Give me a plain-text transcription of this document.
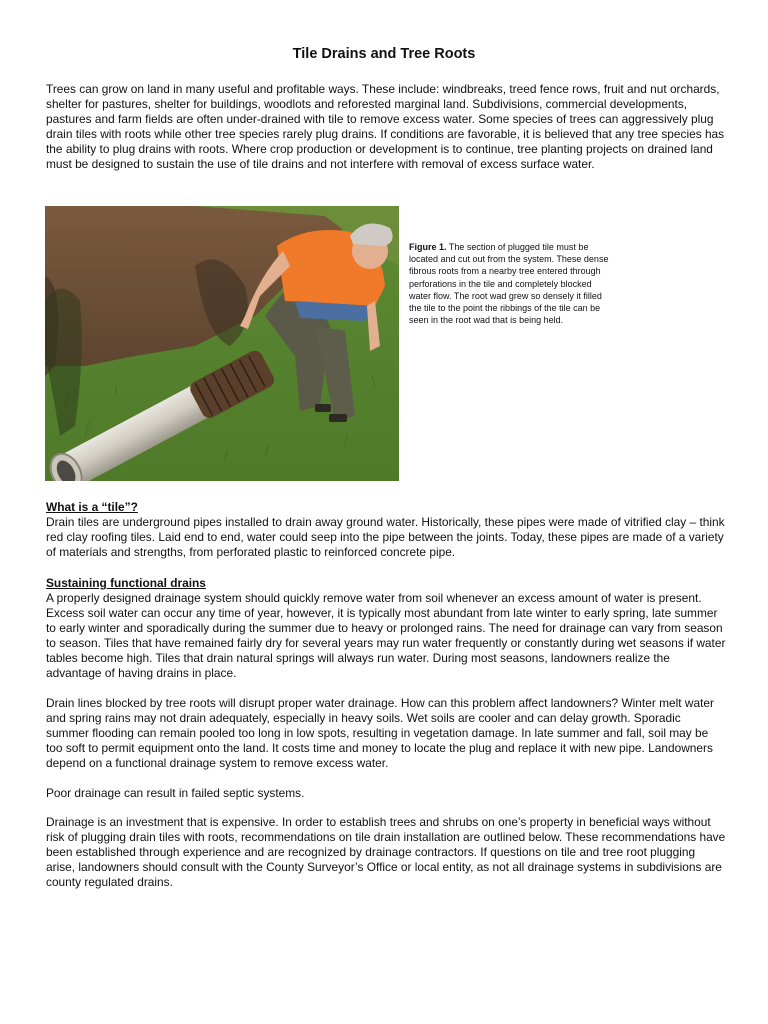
Tile Drains and Tree Roots

Trees can grow on land in many useful and profitable ways. These include: windbreaks, treed fence rows, fruit and nut orchards, shelter for pastures, shelter for buildings, woodlots and reforested marginal land. Subdivisions, commercial developments, pastures and farm fields are often under-drained with tile to remove excess water. Some species of trees can aggressively plug drain tiles with roots while other tree species rarely plug drains. If conditions are favorable, it is believed that any tree species has the ability to plug drains with roots. Where crop production or development is to continue, tree planting projects on drained land must be designed to sustain the use of tile drains and not interfere with removal of excess surface water.

Figure 1. The section of plugged tile must be located and cut out from the system. These dense fibrous roots from a nearby tree entered through perforations in the tile and completely blocked water flow. The root wad grew so densely it filled the tile to the point the ribbings of the tile can be seen in the root wad that is being held.

What is a “tile”?

Drain tiles are underground pipes installed to drain away ground water. Historically, these pipes were made of vitrified clay – think red clay roofing tiles. Laid end to end, water could seep into the pipe between the joints. Today, these pipes are made of a variety of materials and strengths, from perforated plastic to reinforced concrete pipe.

Sustaining functional drains

A properly designed drainage system should quickly remove water from soil whenever an excess amount of water is present. Excess soil water can occur any time of year, however, it is typically most abundant from late winter to early spring, late summer to early winter and sporadically during the summer due to heavy or prolonged rains. The need for drainage can vary from season to season. Tiles that have remained fairly dry for several years may run water frequently or constantly during wet seasons if water tables become high. Tiles that drain natural springs will always run water. During most seasons, landowners realize the advantage of having drains in place.

Drain lines blocked by tree roots will disrupt proper water drainage. How can this problem affect landowners? Winter melt water and spring rains may not drain adequately, especially in heavy soils. Wet soils are cooler and can delay growth. Sporadic summer flooding can remain pooled too long in low spots, resulting in vegetation damage. In late summer and fall, soil may be too soft to permit equipment onto the land. It costs time and money to locate the plug and replace it with new pipe. Landowners depend on a functional drainage system to remove excess water.

Poor drainage can result in failed septic systems.

Drainage is an investment that is expensive. In order to establish trees and shrubs on one’s property in beneficial ways without risk of plugging drain tiles with roots, recommendations on tile drain installation are outlined below. These recommendations have been established through experience and are recognized by drainage contractors. If questions on tile and tree root plugging arise, landowners should consult with the County Surveyor’s Office or local entity, as not all drainage systems in subdivisions are county regulated drains.
